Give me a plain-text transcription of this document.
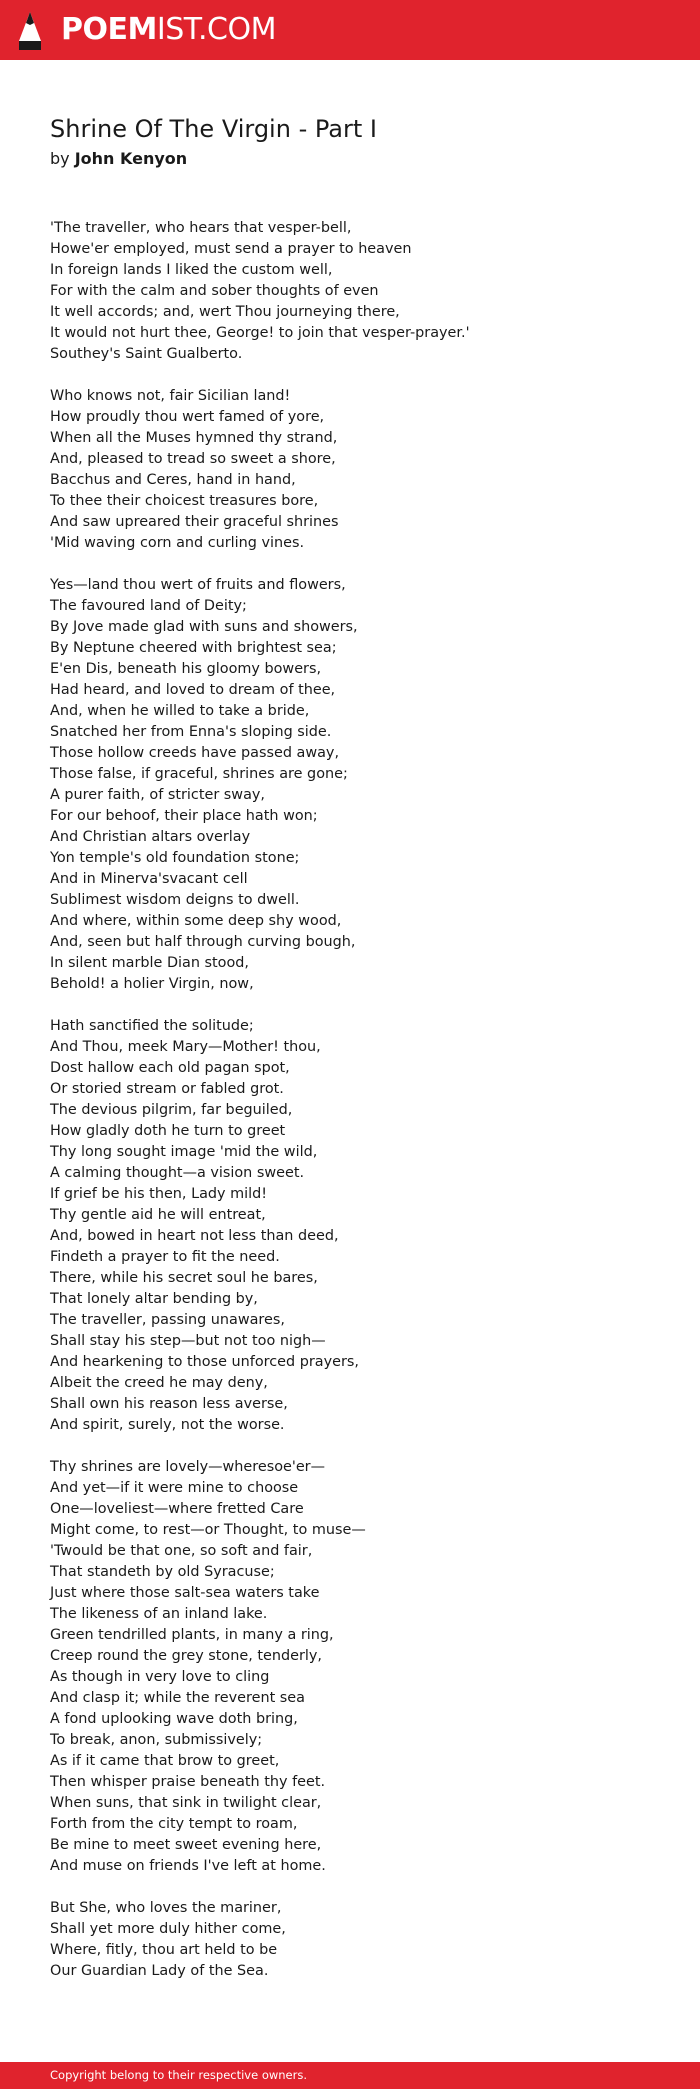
POEMIST.COM
Shrine Of The Virgin - Part I
by John Kenyon
'The traveller, who hears that vesper-bell,
Howe'er employed, must send a prayer to heaven
In foreign lands I liked the custom well,
For with the calm and sober thoughts of even
It well accords; and, wert Thou journeying there,
It would not hurt thee, George! to join that vesper-prayer.'
Southey's Saint Gualberto.
Who knows not, fair Sicilian land!
How proudly thou wert famed of yore,
When all the Muses hymned thy strand,
And, pleased to tread so sweet a shore,
Bacchus and Ceres, hand in hand,
To thee their choicest treasures bore,
And saw upreared their graceful shrines
'Mid waving corn and curling vines.
Yes—land thou wert of fruits and flowers,
The favoured land of Deity;
By Jove made glad with suns and showers,
By Neptune cheered with brightest sea;
E'en Dis, beneath his gloomy bowers,
Had heard, and loved to dream of thee,
And, when he willed to take a bride,
Snatched her from Enna's sloping side.
Those hollow creeds have passed away,
Those false, if graceful, shrines are gone;
A purer faith, of stricter sway,
For our behoof, their place hath won;
And Christian altars overlay
Yon temple's old foundation stone;
And in Minerva'svacant cell
Sublimest wisdom deigns to dwell.
And where, within some deep shy wood,
And, seen but half through curving bough,
In silent marble Dian stood,
Behold! a holier Virgin, now,
Hath sanctified the solitude;
And Thou, meek Mary—Mother! thou,
Dost hallow each old pagan spot,
Or storied stream or fabled grot.
The devious pilgrim, far beguiled,
How gladly doth he turn to greet
Thy long sought image 'mid the wild,
A calming thought—a vision sweet.
If grief be his then, Lady mild!
Thy gentle aid he will entreat,
And, bowed in heart not less than deed,
Findeth a prayer to fit the need.
There, while his secret soul he bares,
That lonely altar bending by,
The traveller, passing unawares,
Shall stay his step—but not too nigh—
And hearkening to those unforced prayers,
Albeit the creed he may deny,
Shall own his reason less averse,
And spirit, surely, not the worse.
Thy shrines are lovely—wheresoe'er—
And yet—if it were mine to choose
One—loveliest—where fretted Care
Might come, to rest—or Thought, to muse—
'Twould be that one, so soft and fair,
That standeth by old Syracuse;
Just where those salt-sea waters take
The likeness of an inland lake.
Green tendrilled plants, in many a ring,
Creep round the grey stone, tenderly,
As though in very love to cling
And clasp it; while the reverent sea
A fond uplooking wave doth bring,
To break, anon, submissively;
As if it came that brow to greet,
Then whisper praise beneath thy feet.
When suns, that sink in twilight clear,
Forth from the city tempt to roam,
Be mine to meet sweet evening here,
And muse on friends I've left at home.
But She, who loves the mariner,
Shall yet more duly hither come,
Where, fitly, thou art held to be
Our Guardian Lady of the Sea.
Copyright belong to their respective owners.
